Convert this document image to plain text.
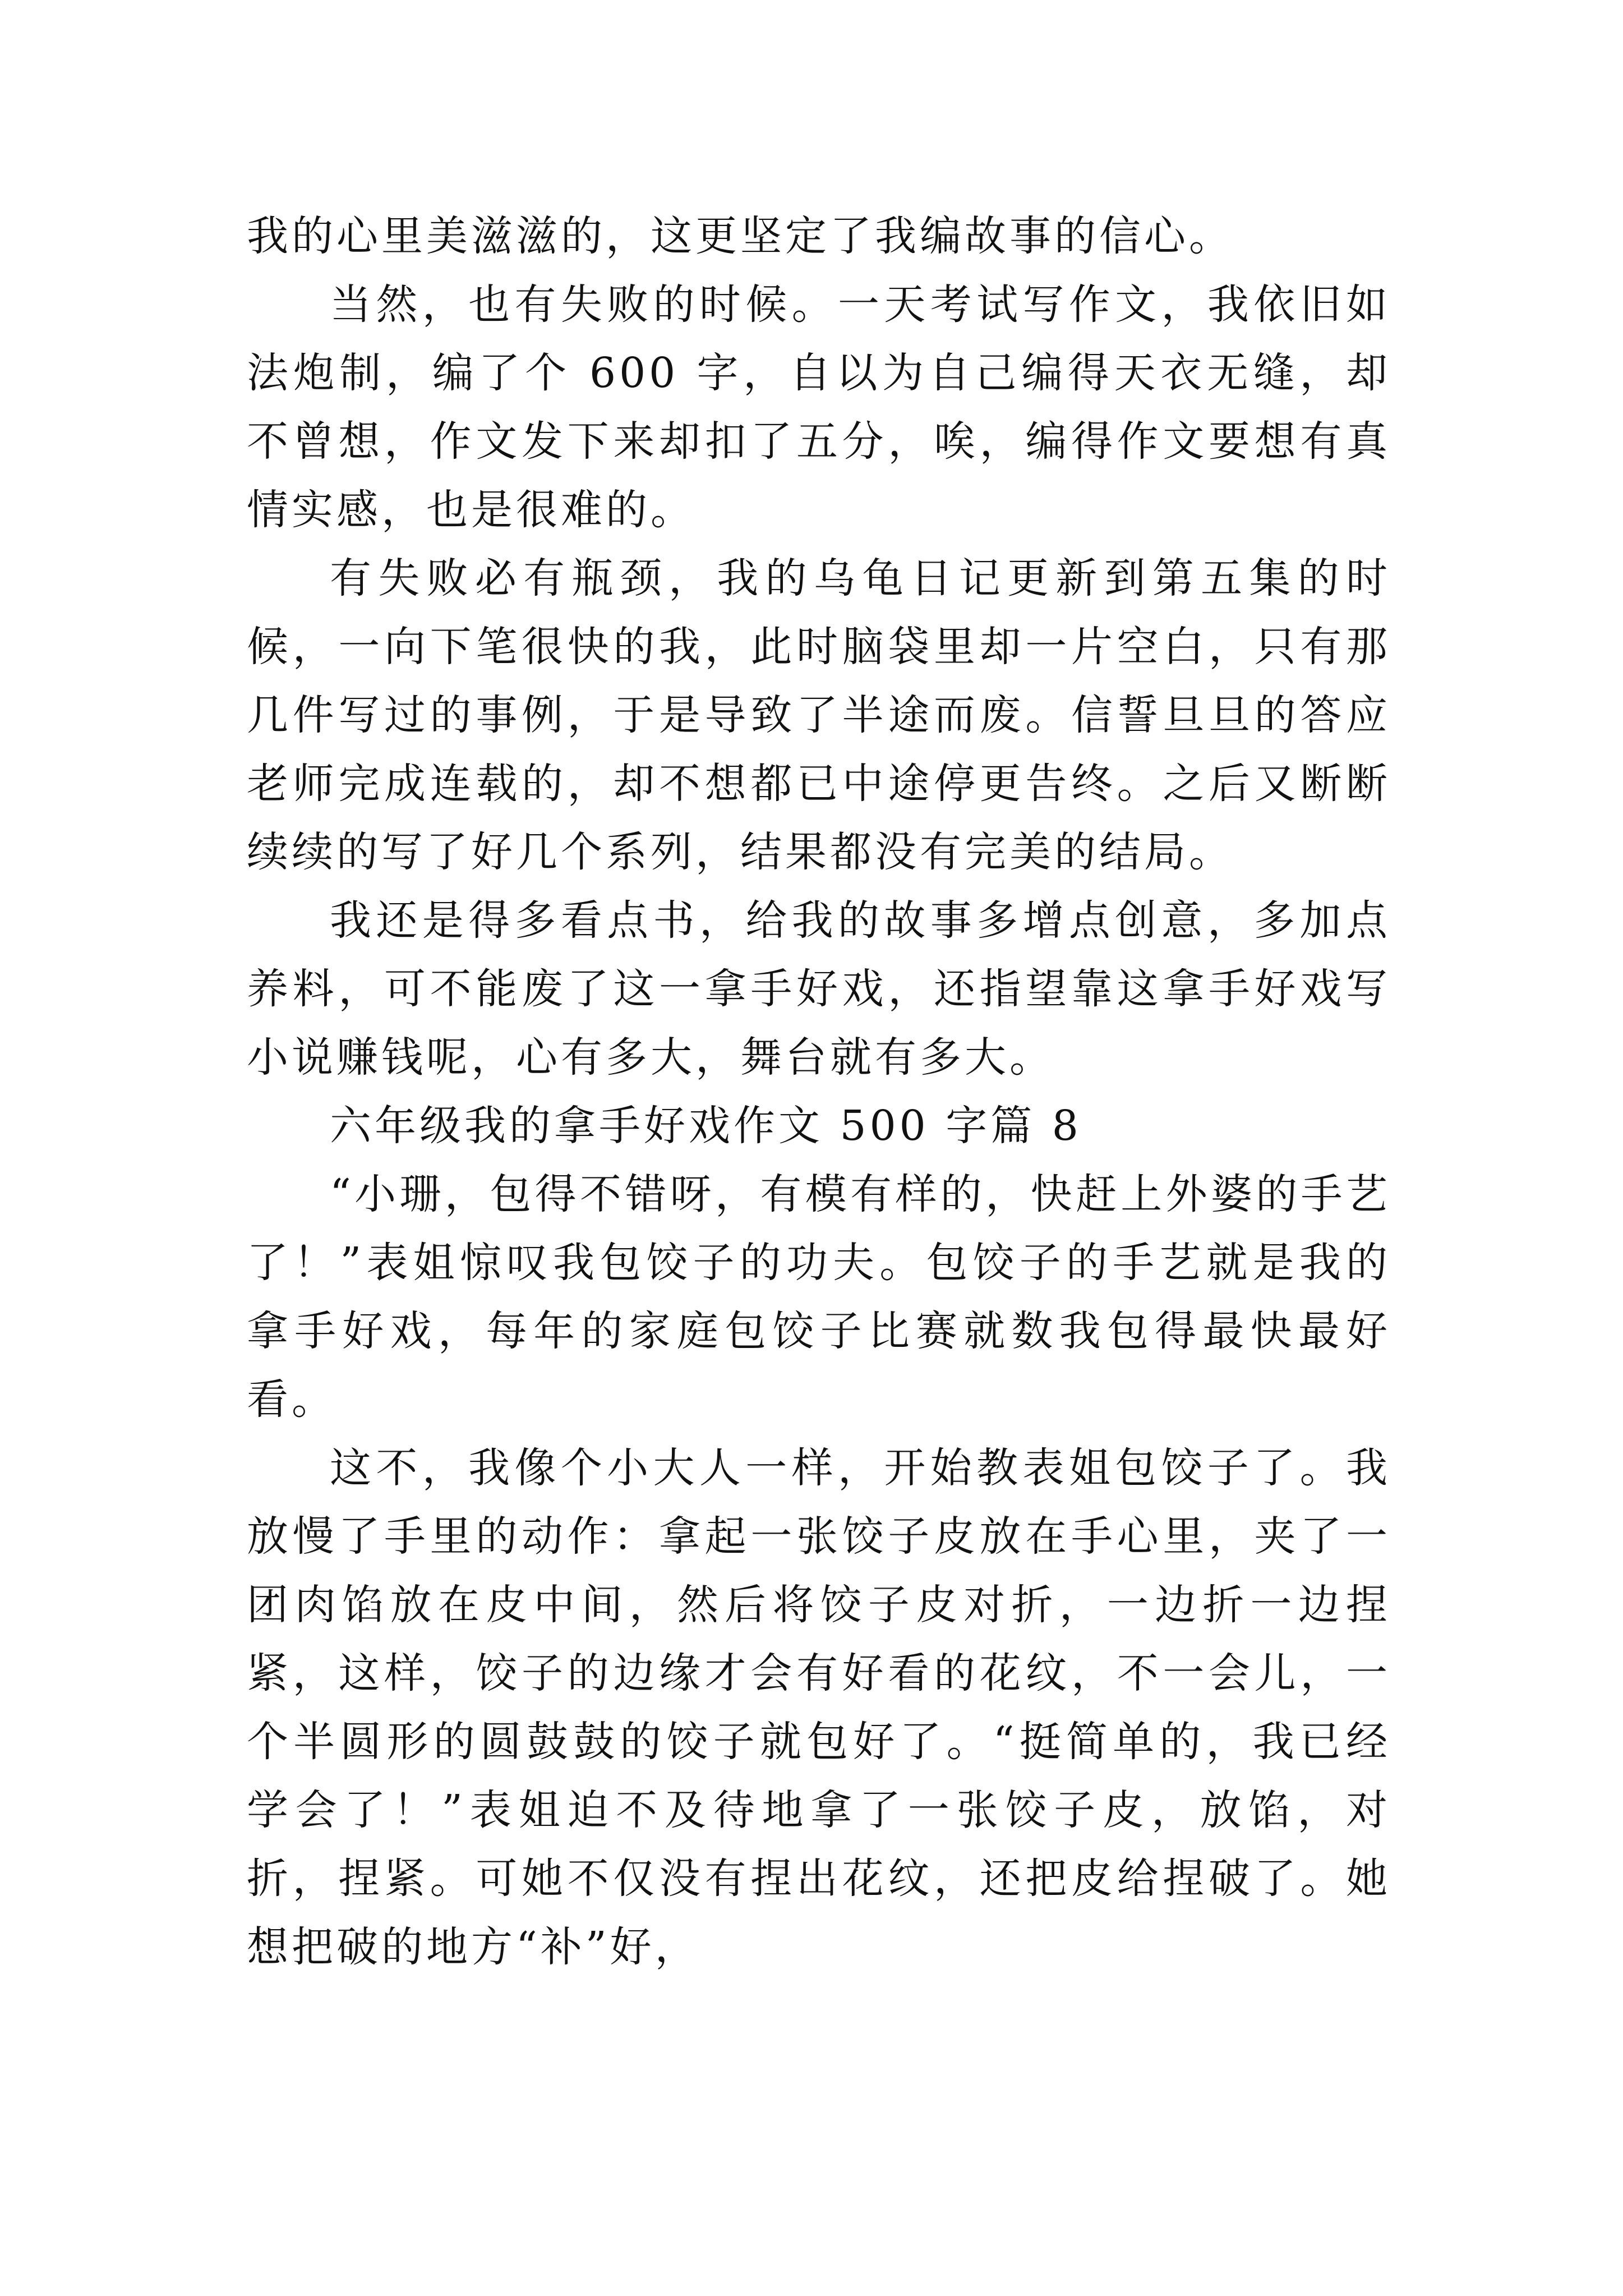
我的心里美滋滋的，这更坚定了我编故事的信心。

当然，也有失败的时候。一天考试写作文，我依旧如法炮制，编了个 600 字，自以为自己编得天衣无缝，却不曾想，作文发下来却扣了五分，唉，编得作文要想有真情实感，也是很难的。

有失败必有瓶颈，我的乌龟日记更新到第五集的时候，一向下笔很快的我，此时脑袋里却一片空白，只有那几件写过的事例，于是导致了半途而废。信誓旦旦的答应老师完成连载的，却不想都已中途停更告终。之后又断断续续的写了好几个系列，结果都没有完美的结局。

我还是得多看点书，给我的故事多增点创意，多加点养料，可不能废了这一拿手好戏，还指望靠这拿手好戏写小说赚钱呢，心有多大，舞台就有多大。

六年级我的拿手好戏作文 500 字篇 8

“小珊，包得不错呀，有模有样的，快赶上外婆的手艺了！”表姐惊叹我包饺子的功夫。包饺子的手艺就是我的拿手好戏，每年的家庭包饺子比赛就数我包得最快最好看。

这不，我像个小大人一样，开始教表姐包饺子了。我放慢了手里的动作：拿起一张饺子皮放在手心里，夹了一团肉馅放在皮中间，然后将饺子皮对折，一边折一边捏紧，这样，饺子的边缘才会有好看的花纹，不一会儿，一个半圆形的圆鼓鼓的饺子就包好了。“挺简单的，我已经学会了！”表姐迫不及待地拿了一张饺子皮，放馅，对折，捏紧。可她不仅没有捏出花纹，还把皮给捏破了。她想把破的地方“补”好，
